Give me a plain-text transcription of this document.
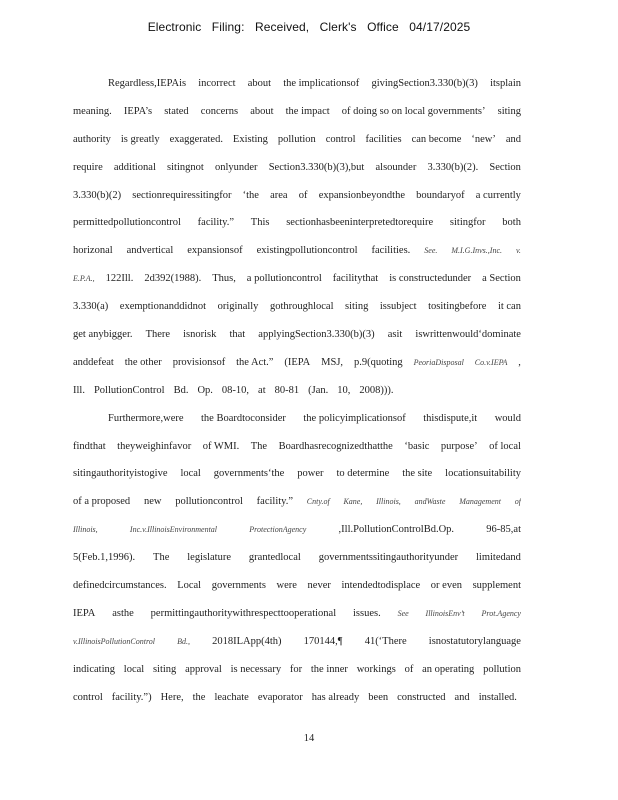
Electronic Filing: Received, Clerk's Office 04/17/2025
Regardless,IEPAis incorrect about the implicationsof givingSection3.330(b)(3) itsplain
meaning. IEPA’s stated concerns about the impact of doing so on local governments’ siting
authority is greatly exaggerated. Existing pollution control facilities can become ‘new’ and
require additional sitingnot onlyunder Section3.330(b)(3),but alsounder 3.330(b)(2). Section
3.330(b)(2) sectionrequiressitingfor ‘the area of expansionbeyondthe boundaryof a currently
permittedpollutioncontrol facility.” This sectionhasbeeninterpretedtorequire sitingfor both
horizonal andvertical expansionsof existingpollutioncontrol facilities. See. M.I.G.Invs.,Inc. v.
E.P.A., 122Ill. 2d392(1988). Thus, a pollutioncontrol facilitythat is constructedunder a Section
3.330(a) exemptionanddidnot originally gothroughlocal siting issubject tositingbefore it can
get anybigger. There isnorisk that applyingSection3.330(b)(3) asit iswrittenwould‘dominate
anddefeat the other provisionsof the Act.” (IEPA MSJ, p.9(quoting PeoriaDisposal Co.v.IEPA ,
Ill. PollutionControl Bd. Op. 08-10, at 80-81 (Jan. 10, 2008))).
Furthermore,were the Boardtoconsider the policyimplicationsof thisdispute,it would
findthat theyweighinfavor of WMI. The Boardhasrecognizedthatthe ‘basic purpose’ of local
sitingauthorityistogive local governments‘the power to determine the site locationsuitability
of a proposed new pollutioncontrol facility.” Cnty.of Kane, Illinois, andWaste Management of
Illinois,	Inc.v.IllinoisEnvironmental	ProtectionAgency	,Ill.PollutionControlBd.Op.	96-85,at
5(Feb.1,1996). The legislature grantedlocal governmentssitingauthorityunder limitedand
definedcircumstances. Local governments were never intendedtodisplace or even supplement
IEPA asthe permittingauthoritywithrespecttooperational issues. See IllinoisEnv’t Prot.Agency
v.IllinoisPollutionControl	Bd., 2018ILApp(4th) 170144,¶ 41(‘There isnostatutorylanguage
indicating local siting approval is necessary for the inner workings of an operating pollution
control facility.”) Here, the leachate evaporator has already been constructed and installed.
14
